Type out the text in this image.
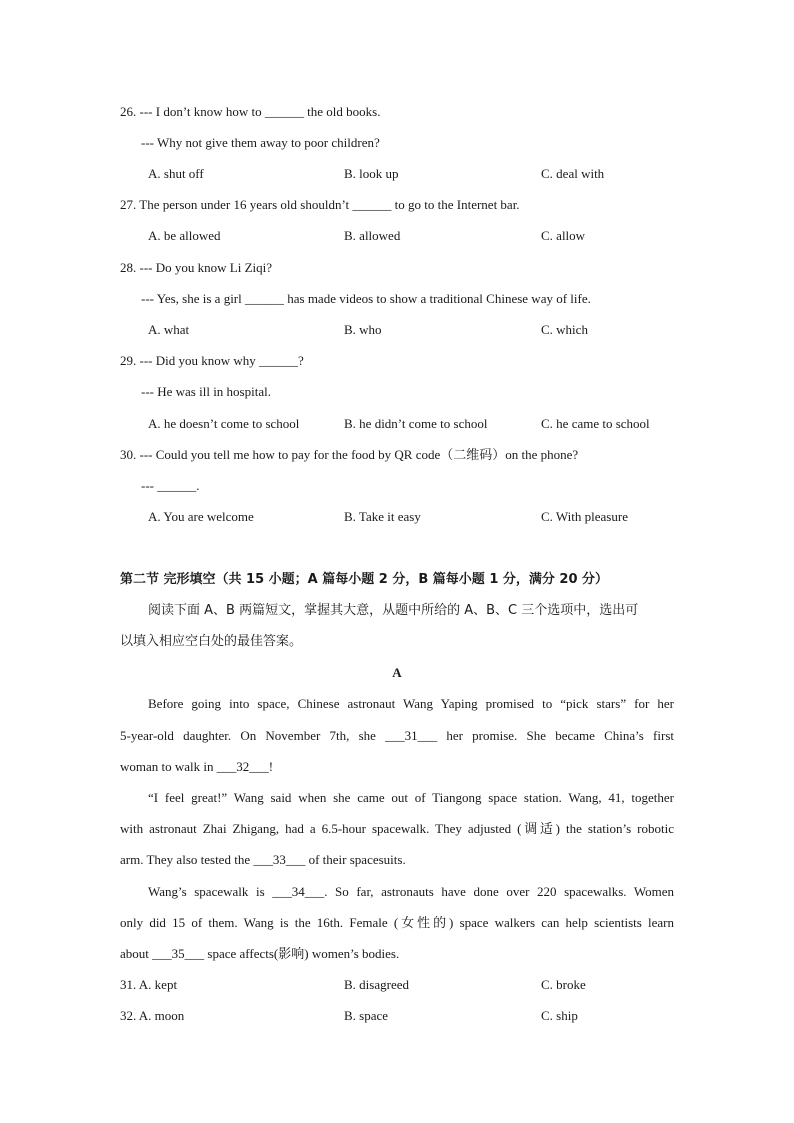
26. --- I don’t know how to ______ the old books.
--- Why not give them away to poor children?
A. shut off	B. look up	C. deal with
27. The person under 16 years old shouldn’t ______ to go to the Internet bar.
A. be allowed	B. allowed	C. allow
28. --- Do you know Li Ziqi?
--- Yes, she is a girl ______ has made videos to show a traditional Chinese way of life.
A. what	B. who	C. which
29. --- Did you know why ______?
--- He was ill in hospital.
A. he doesn’t come to school	B. he didn’t come to school	C. he came to school
30. --- Could you tell me how to pay for the food by QR code（二维码）on the phone?
--- ______.
A. You are welcome	B. Take it easy	C. With pleasure
第二节 完形填空（共 15 小题；A 篇每小题 2 分，B 篇每小题 1 分，满分 20 分）
阅读下面 A、B 两篇短文，掌握其大意，从题中所给的 A、B、C 三个选项中，选出可
以填入相应空白处的最佳答案。
A
Before going into space, Chinese astronaut Wang Yaping promised to “pick stars” for her
5-year-old daughter. On November 7th, she ___31___ her promise. She became China’s first
woman to walk in ___32___!
“I feel great!” Wang said when she came out of Tiangong space station. Wang, 41, together
with astronaut Zhai Zhigang, had a 6.5-hour spacewalk. They adjusted (调适) the station’s robotic
arm. They also tested the ___33___ of their spacesuits.
Wang’s spacewalk is ___34___. So far, astronauts have done over 220 spacewalks. Women
only did 15 of them. Wang is the 16th. Female (女性的) space walkers can help scientists learn
about ___35___ space affects(影响) women’s bodies.
31. A. kept	B. disagreed	C. broke
32. A. moon	B. space	C. ship
